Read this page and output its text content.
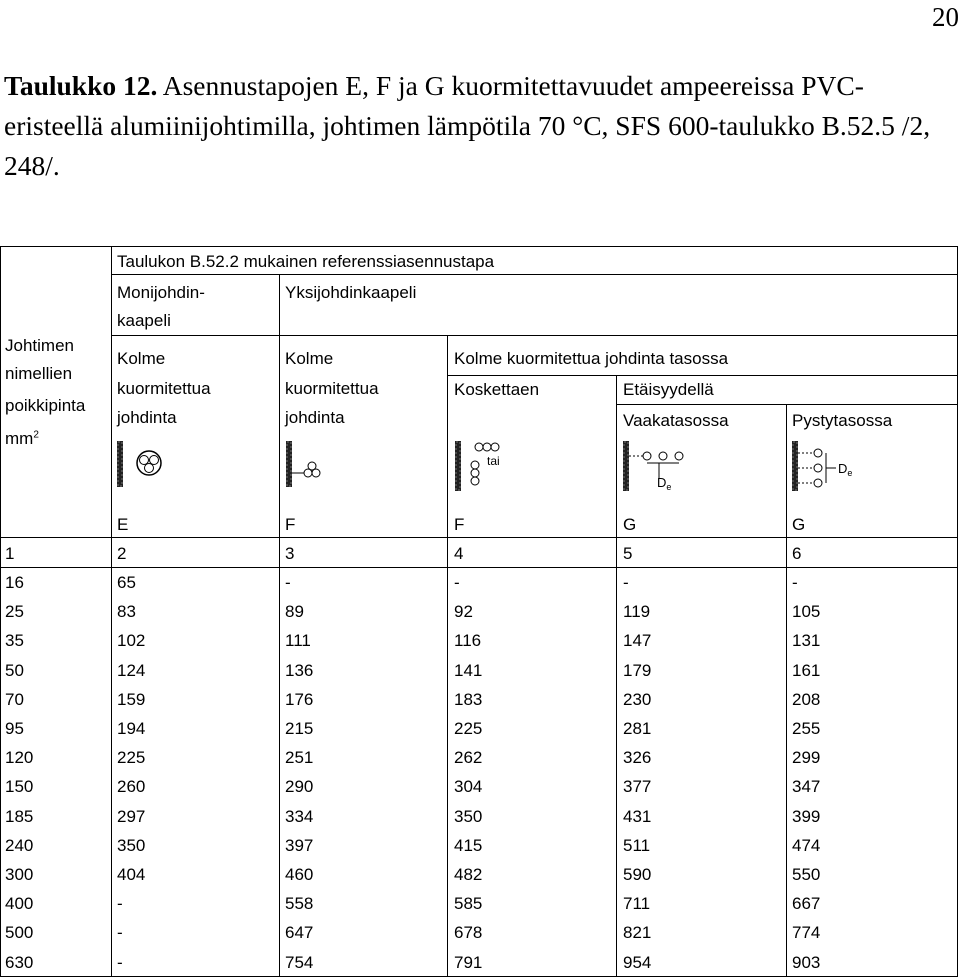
20
Taulukko 12. Asennustapojen E, F ja G kuormitettavuudet ampeereissa PVC-eristeellä alumiinijohtimilla, johtimen lämpötila 70 °C, SFS 600-taulukko B.52.5 /2, 248/.
Johtimen
nimellien
poikkipinta
$mm^2$
Taulukon B.52.2 mukainen referenssiasennustapa
Monijohdin-
kaapeli
Yksijohdinkaapeli
Kolme
kuormitettua
johdinta
Kolme
kuormitettua
johdinta
Kolme kuormitettua johdinta tasossa
Koskettaen	Etäisyydellä
Vaakatasossa	Pystytasossa
tai
$D_e$
$D_e$
E	F	F	G	G
1	2	3	4	5	6
16	65	-	-	-	-
25	83	89	92	119	105
35	102	111	116	147	131
50	124	136	141	179	161
70	159	176	183	230	208
95	194	215	225	281	255
120	225	251	262	326	299
150	260	290	304	377	347
185	297	334	350	431	399
240	350	397	415	511	474
300	404	460	482	590	550
400	-	558	585	711	667
500	-	647	678	821	774
630	-	754	791	954	903
